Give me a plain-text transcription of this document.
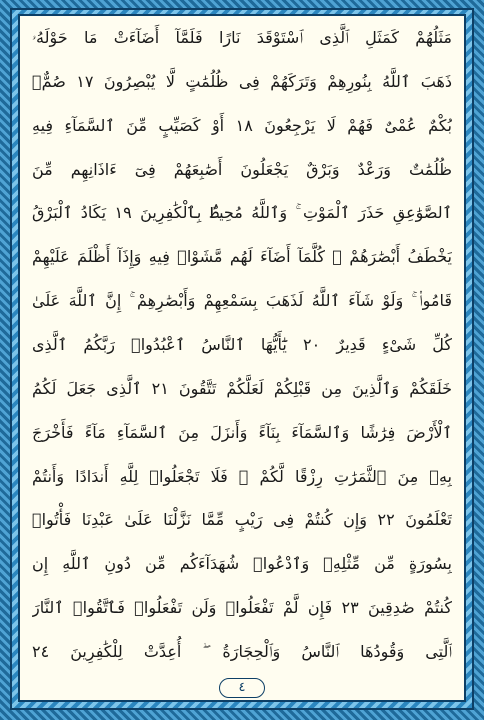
مَثَلُهُمْ كَمَثَلِ ٱلَّذِى ٱسْتَوْقَدَ نَارًا فَلَمَّآ أَضَآءَتْ مَا حَوْلَهُۥ
ذَهَبَ ٱللَّهُ بِنُورِهِمْ وَتَرَكَهُمْ فِى ظُلُمَٰتٍ لَّا يُبْصِرُونَ ١٧ صُمٌّۢ
بُكْمٌ عُمْىٌ فَهُمْ لَا يَرْجِعُونَ ١٨ أَوْ كَصَيِّبٍ مِّنَ ٱلسَّمَآءِ فِيهِ
ظُلُمَٰتٌ وَرَعْدٌ وَبَرْقٌ يَجْعَلُونَ أَصَٰبِعَهُمْ فِىٓ ءَاذَانِهِم مِّنَ
ٱلصَّوَٰعِقِ حَذَرَ ٱلْمَوْتِ ۚ وَٱللَّهُ مُحِيطٌۢ بِٱلْكَٰفِرِينَ ١٩ يَكَادُ ٱلْبَرْقُ
يَخْطَفُ أَبْصَٰرَهُمْ ۖ كُلَّمَآ أَضَآءَ لَهُم مَّشَوْا۟ فِيهِ وَإِذَآ أَظْلَمَ عَلَيْهِمْ
قَامُوا۟ ۚ وَلَوْ شَآءَ ٱللَّهُ لَذَهَبَ بِسَمْعِهِمْ وَأَبْصَٰرِهِمْ ۚ إِنَّ ٱللَّهَ عَلَىٰ
كُلِّ شَىْءٍ قَدِيرٌ ٢٠ يَٰٓأَيُّهَا ٱلنَّاسُ ٱعْبُدُوا۟ رَبَّكُمُ ٱلَّذِى
خَلَقَكُمْ وَٱلَّذِينَ مِن قَبْلِكُمْ لَعَلَّكُمْ تَتَّقُونَ ٢١ ٱلَّذِى جَعَلَ لَكُمُ
ٱلْأَرْضَ فِرَٰشًا وَٱلسَّمَآءَ بِنَآءً وَأَنزَلَ مِنَ ٱلسَّمَآءِ مَآءً فَأَخْرَجَ
بِهِۦ مِنَ ٱلثَّمَرَٰتِ رِزْقًا لَّكُمْ ۖ فَلَا تَجْعَلُوا۟ لِلَّهِ أَندَادًا وَأَنتُمْ
تَعْلَمُونَ ٢٢ وَإِن كُنتُمْ فِى رَيْبٍ مِّمَّا نَزَّلْنَا عَلَىٰ عَبْدِنَا فَأْتُوا۟
بِسُورَةٍ مِّن مِّثْلِهِۦ وَٱدْعُوا۟ شُهَدَآءَكُم مِّن دُونِ ٱللَّهِ إِن
كُنتُمْ صَٰدِقِينَ ٢٣ فَإِن لَّمْ تَفْعَلُوا۟ وَلَن تَفْعَلُوا۟ فَٱتَّقُوا۟ ٱلنَّارَ
ٱلَّتِى وَقُودُهَا ٱلنَّاسُ وَٱلْحِجَارَةُ ۖ أُعِدَّتْ لِلْكَٰفِرِينَ ٢٤
٤
